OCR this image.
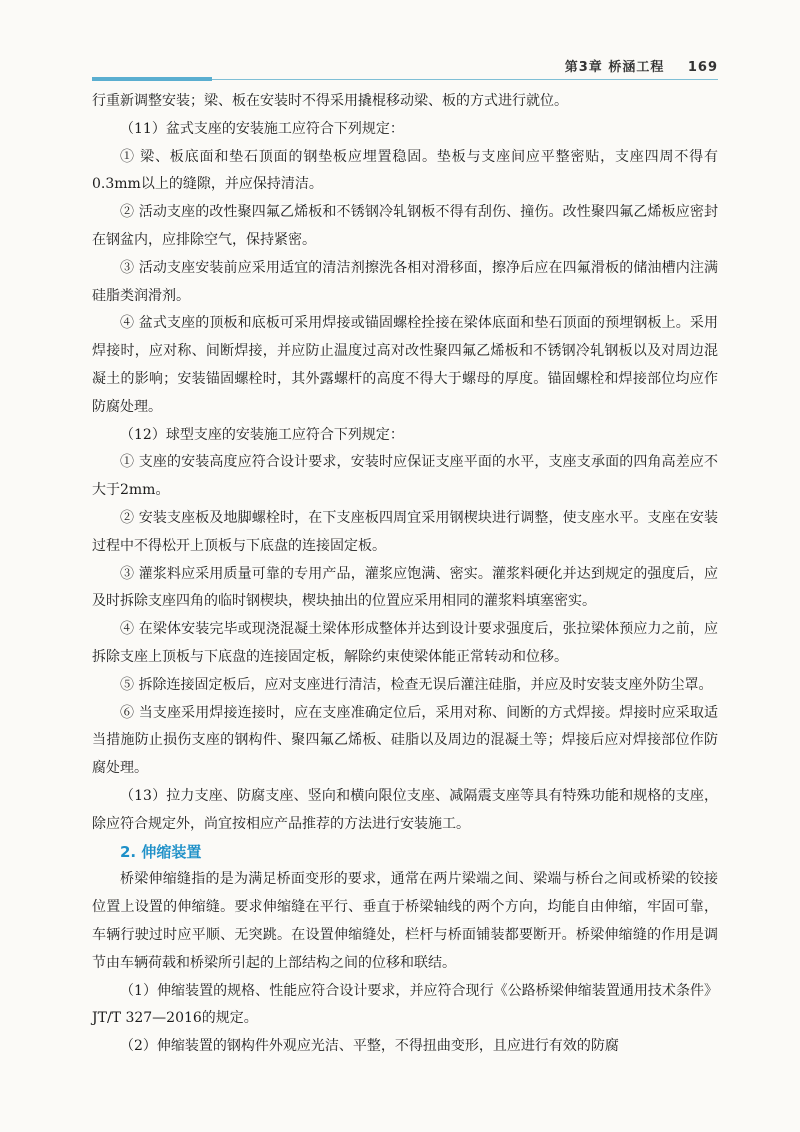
第3章 桥涵工程 169

行重新调整安装；梁、板在安装时不得采用撬棍移动梁、板的方式进行就位。

（11）盆式支座的安装施工应符合下列规定：

① 梁、板底面和垫石顶面的钢垫板应埋置稳固。垫板与支座间应平整密贴，支座四周不得有0.3mm以上的缝隙，并应保持清洁。

② 活动支座的改性聚四氟乙烯板和不锈钢冷轧钢板不得有刮伤、撞伤。改性聚四氟乙烯板应密封在钢盆内，应排除空气，保持紧密。

③ 活动支座安装前应采用适宜的清洁剂擦洗各相对滑移面，擦净后应在四氟滑板的储油槽内注满硅脂类润滑剂。

④ 盆式支座的顶板和底板可采用焊接或锚固螺栓拴接在梁体底面和垫石顶面的预埋钢板上。采用焊接时，应对称、间断焊接，并应防止温度过高对改性聚四氟乙烯板和不锈钢冷轧钢板以及对周边混凝土的影响；安装锚固螺栓时，其外露螺杆的高度不得大于螺母的厚度。锚固螺栓和焊接部位均应作防腐处理。

（12）球型支座的安装施工应符合下列规定：

① 支座的安装高度应符合设计要求，安装时应保证支座平面的水平，支座支承面的四角高差应不大于2mm。

② 安装支座板及地脚螺栓时，在下支座板四周宜采用钢楔块进行调整，使支座水平。支座在安装过程中不得松开上顶板与下底盘的连接固定板。

③ 灌浆料应采用质量可靠的专用产品，灌浆应饱满、密实。灌浆料硬化并达到规定的强度后，应及时拆除支座四角的临时钢楔块，楔块抽出的位置应采用相同的灌浆料填塞密实。

④ 在梁体安装完毕或现浇混凝土梁体形成整体并达到设计要求强度后，张拉梁体预应力之前，应拆除支座上顶板与下底盘的连接固定板，解除约束使梁体能正常转动和位移。

⑤ 拆除连接固定板后，应对支座进行清洁，检查无误后灌注硅脂，并应及时安装支座外防尘罩。

⑥ 当支座采用焊接连接时，应在支座准确定位后，采用对称、间断的方式焊接。焊接时应采取适当措施防止损伤支座的钢构件、聚四氟乙烯板、硅脂以及周边的混凝土等；焊接后应对焊接部位作防腐处理。

（13）拉力支座、防腐支座、竖向和横向限位支座、减隔震支座等具有特殊功能和规格的支座，除应符合规定外，尚宜按相应产品推荐的方法进行安装施工。

2. 伸缩装置

桥梁伸缩缝指的是为满足桥面变形的要求，通常在两片梁端之间、梁端与桥台之间或桥梁的铰接位置上设置的伸缩缝。要求伸缩缝在平行、垂直于桥梁轴线的两个方向，均能自由伸缩，牢固可靠，车辆行驶过时应平顺、无突跳。在设置伸缩缝处，栏杆与桥面铺装都要断开。桥梁伸缩缝的作用是调节由车辆荷载和桥梁所引起的上部结构之间的位移和联结。

（1）伸缩装置的规格、性能应符合设计要求，并应符合现行《公路桥梁伸缩装置通用技术条件》JT/T 327—2016的规定。

（2）伸缩装置的钢构件外观应光洁、平整，不得扭曲变形，且应进行有效的防腐
